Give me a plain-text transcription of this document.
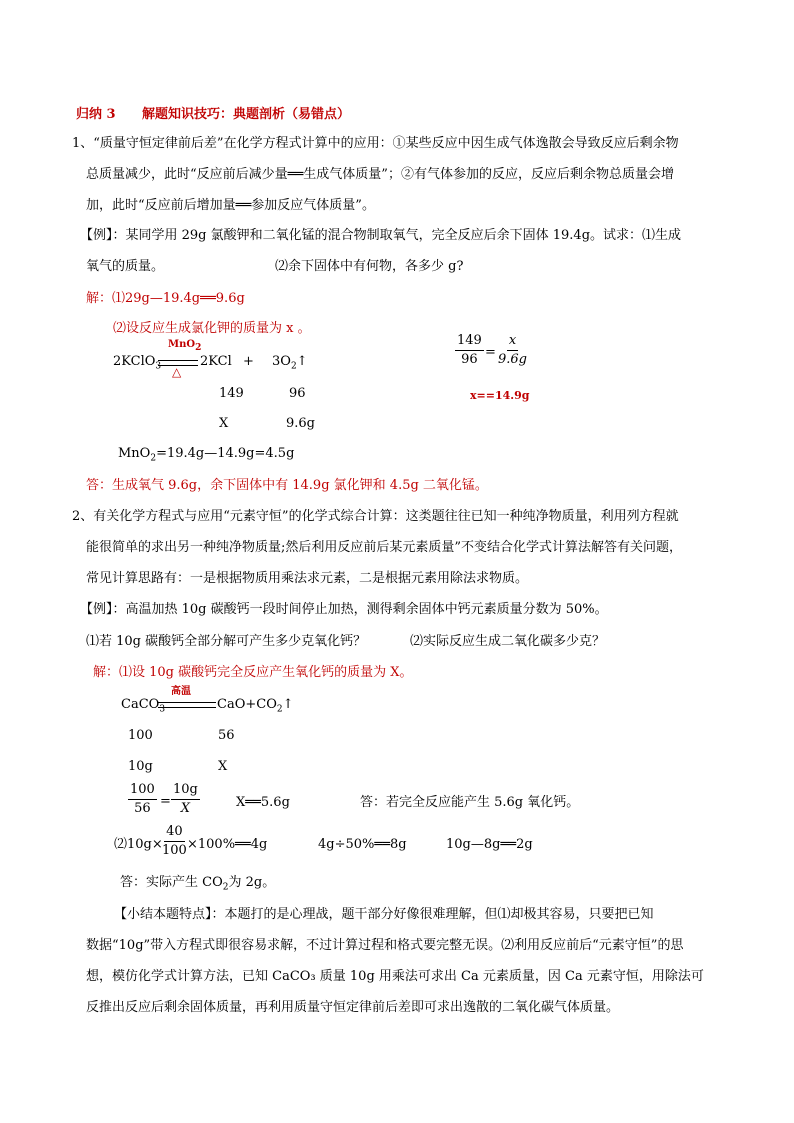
归纳 3 解题知识技巧：典题剖析（易错点）
1、“质量守恒定律前后差”在化学方程式计算中的应用：①某些反应中因生成气体逸散会导致反应后剩余物
总质量减少，此时“反应前后减少量══生成气体质量”；②有气体参加的反应，反应后剩余物总质量会增
加，此时“反应前后增加量══参加反应气体质量”。
【例】：某同学用 29g 氯酸钾和二氧化锰的混合物制取氧气，完全反应后余下固体 19.4g。试求：⑴生成
氧气的质量。	⑵余下固体中有何物，各多少 g?
解：⑴29g—19.4g══9.6g
⑵设反应生成氯化钾的质量为 x 。
2KClO$_3$
MnO$_2$
△
$2KCl + 3O_2↑$
149	96
X	9.6g
$\frac{149}{96} = \frac{x}{9.6g}$
x==14.9g
MnO$_2$=19.4g—14.9g=4.5g
答：生成氧气 9.6g，余下固体中有 14.9g 氯化钾和 4.5g 二氧化锰。
2、有关化学方程式与应用“元素守恒”的化学式综合计算：这类题往往已知一种纯净物质量，利用列方程就
能很简单的求出另一种纯净物质量;然后利用反应前后某元素质量”不变结合化学式计算法解答有关问题，
常见计算思路有：一是根据物质用乘法求元素，二是根据元素用除法求物质。
【例】：高温加热 10g 碳酸钙一段时间停止加热，测得剩余固体中钙元素质量分数为 50%。
⑴若 10g 碳酸钙全部分解可产生多少克氧化钙？	⑵实际反应生成二氧化碳多少克？
解：⑴设 10g 碳酸钙完全反应产生氧化钙的质量为 X。
高温
CaCO$_3$	$CaO+CO_2↑$
100	56
10g	X
$\frac{100}{56} = \frac{10g}{X}$	X══5.6g	答：若完全反应能产生 5.6g 氧化钙。
⑵10g×
$\frac{40}{100}$
×100%══4g	4g÷50%══8g	10g—8g══2g
答：实际产生 $CO_2$为 2g。
【小结本题特点】：本题打的是心理战，题干部分好像很难理解，但⑴却极其容易，只要把已知
数据“10g”带入方程式即很容易求解，不过计算过程和格式要完整无误。⑵利用反应前后“元素守恒”的思
想，模仿化学式计算方法，已知 CaCO₃ 质量 10g 用乘法可求出 Ca 元素质量，因 Ca 元素守恒，用除法可
反推出反应后剩余固体质量，再利用质量守恒定律前后差即可求出逸散的二氧化碳气体质量。
